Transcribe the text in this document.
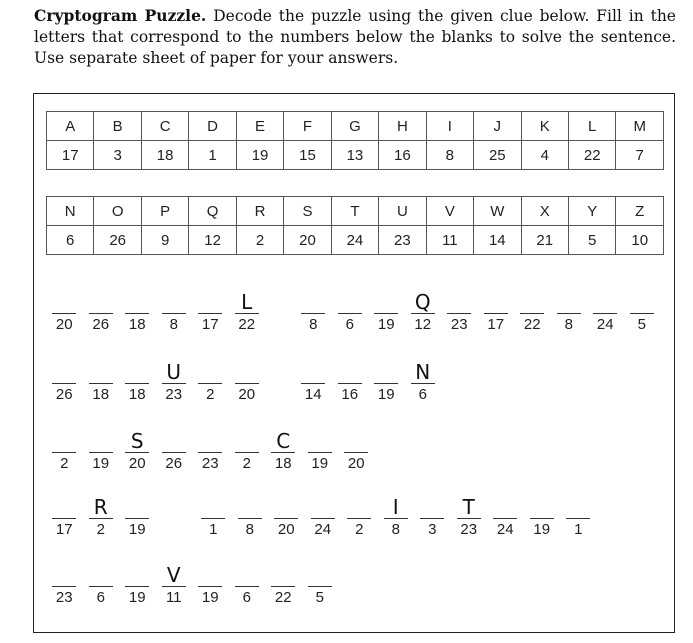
Cryptogram Puzzle. Decode the puzzle using the given clue below. Fill in the letters that correspond to the numbers below the blanks to solve the sentence. Use separate sheet of paper for your answers.
A	B	C	D	E	F	G	H	I	J	K	L	M
17	3	18	1	19	15	13	16	8	25	4	22	7
N	O	P	Q	R	S	T	U	V	W	X	Y	Z
6	26	9	12	2	20	24	23	11	14	21	5	10
20 26 18 8 17
L
22	8 6 19
Q
12 23 17 22 8 24 5
26 18 18
U
23 2 20	14 16 19
N
6
2 19
S
20 26 23 2
C
18 19 20
17
R
2 19	1 8 20 24 2
I
8 3
T
23 24 19 1
23 6 19
V
11 19 6 22 5
